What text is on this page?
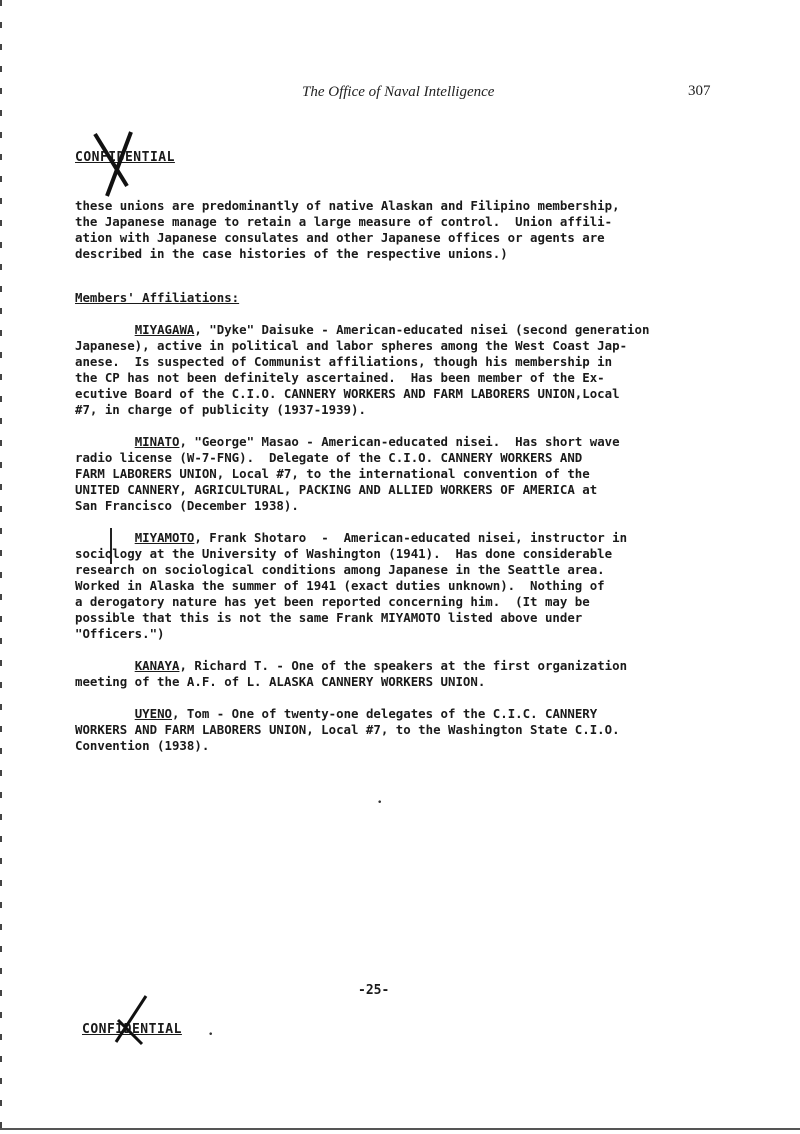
The Office of Naval Intelligence	307
CONFIDENTIAL
these unions are predominantly of native Alaskan and Filipino membership,
the Japanese manage to retain a large measure of control.  Union affili-
ation with Japanese consulates and other Japanese offices or agents are
described in the case histories of the respective unions.)
Members' Affiliations:
MIYAGAWA, "Dyke" Daisuke - American-educated nisei (second generation
Japanese), active in political and labor spheres among the West Coast Jap-
anese.  Is suspected of Communist affiliations, though his membership in
the CP has not been definitely ascertained.  Has been member of the Ex-
ecutive Board of the C.I.O. CANNERY WORKERS AND FARM LABORERS UNION,Local
#7, in charge of publicity (1937-1939).
MINATO, "George" Masao - American-educated nisei.  Has short wave
radio license (W-7-FNG).  Delegate of the C.I.O. CANNERY WORKERS AND
FARM LABORERS UNION, Local #7, to the international convention of the
UNITED CANNERY, AGRICULTURAL, PACKING AND ALLIED WORKERS OF AMERICA at
San Francisco (December 1938).
MIYAMOTO, Frank Shotaro  -  American-educated nisei, instructor in
sociology at the University of Washington (1941).  Has done considerable
research on sociological conditions among Japanese in the Seattle area.
Worked in Alaska the summer of 1941 (exact duties unknown).  Nothing of
a derogatory nature has yet been reported concerning him.  (It may be
possible that this is not the same Frank MIYAMOTO listed above under
"Officers.")
KANAYA, Richard T. - One of the speakers at the first organization
meeting of the A.F. of L. ALASKA CANNERY WORKERS UNION.
UYENO, Tom - One of twenty-one delegates of the C.I.C. CANNERY
WORKERS AND FARM LABORERS UNION, Local #7, to the Washington State C.I.O.
Convention (1938).
•
-25-
CONFIDENTIAL	•
